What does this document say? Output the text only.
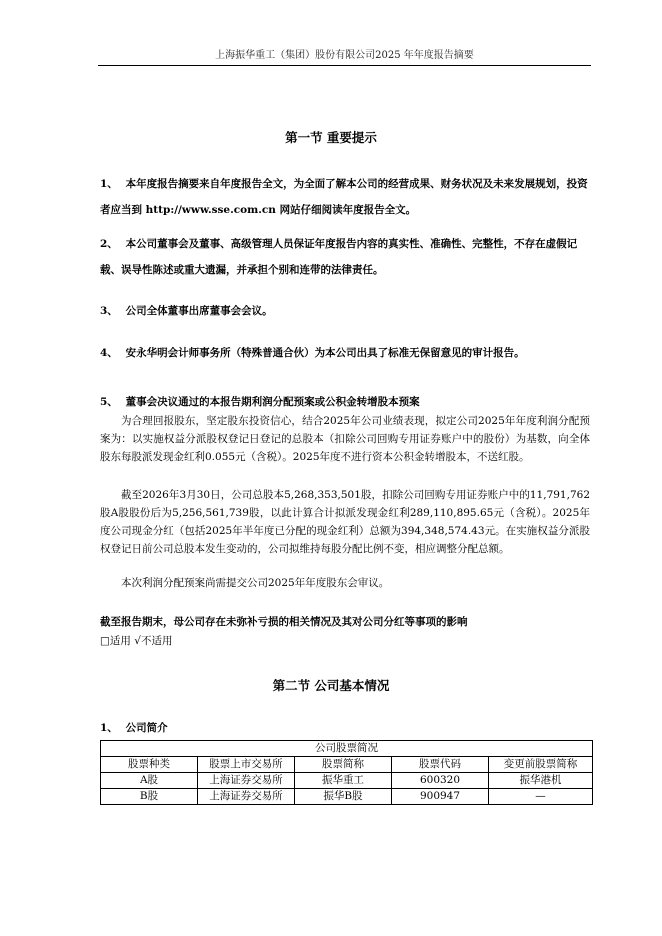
上海振华重工（集团）股份有限公司2025 年年度报告摘要
第一节 重要提示
1、 本年度报告摘要来自年度报告全文，为全面了解本公司的经营成果、财务状况及未来发展规划，投资者应当到 http://www.sse.com.cn 网站仔细阅读年度报告全文。
2、 本公司董事会及董事、高级管理人员保证年度报告内容的真实性、准确性、完整性，不存在虚假记载、误导性陈述或重大遗漏，并承担个别和连带的法律责任。
3、 公司全体董事出席董事会会议。
4、 安永华明会计师事务所（特殊普通合伙）为本公司出具了标准无保留意见的审计报告。
5、 董事会决议通过的本报告期利润分配预案或公积金转增股本预案
为合理回报股东，坚定股东投资信心，结合2025年公司业绩表现，拟定公司2025年年度利润分配预案为：以实施权益分派股权登记日登记的总股本（扣除公司回购专用证券账户中的股份）为基数，向全体股东每股派发现金红利0.055元（含税）。2025年度不进行资本公积金转增股本，不送红股。
截至2026年3月30日，公司总股本5,268,353,501股，扣除公司回购专用证券账户中的11,791,762股A股股份后为5,256,561,739股，以此计算合计拟派发现金红利289,110,895.65元（含税）。2025年度公司现金分红（包括2025年半年度已分配的现金红利）总额为394,348,574.43元。在实施权益分派股权登记日前公司总股本发生变动的，公司拟维持每股分配比例不变，相应调整分配总额。
本次利润分配预案尚需提交公司2025年年度股东会审议。
截至报告期末，母公司存在未弥补亏损的相关情况及其对公司分红等事项的影响
□适用 √不适用
第二节 公司基本情况
1、 公司简介
公司股票简况				
股票种类	股票上市交易所	股票简称	股票代码	变更前股票简称
A股	上海证券交易所	振华重工	600320	振华港机
B股	上海证券交易所	振华B股	900947	—
